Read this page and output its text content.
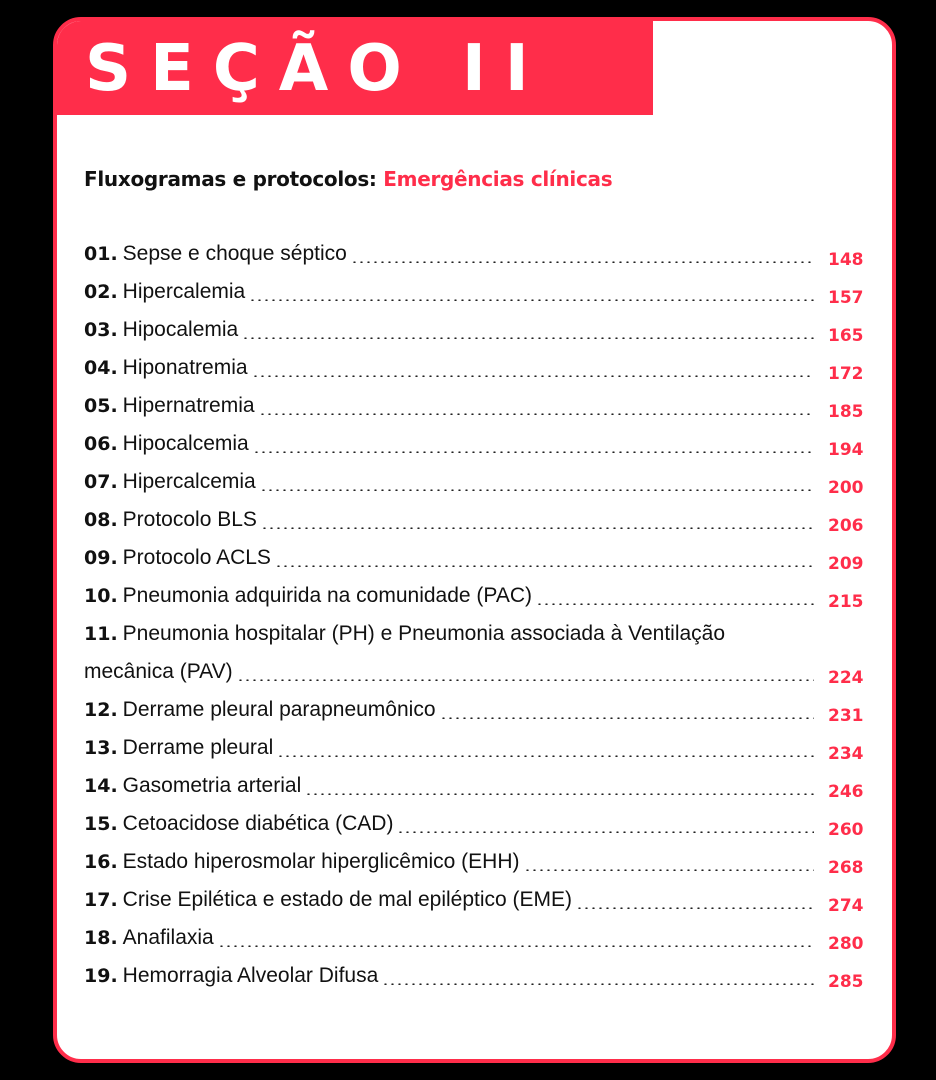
SEÇÃO II
Fluxogramas e protocolos: Emergências clínicas
01. Sepse e choque séptico	148
02. Hipercalemia	157
03. Hipocalemia	165
04. Hiponatremia	172
05. Hipernatremia	185
06. Hipocalcemia	194
07. Hipercalcemia	200
08. Protocolo BLS	206
09. Protocolo ACLS	209
10. Pneumonia adquirida na comunidade (PAC)	215
11. Pneumonia hospitalar (PH) e Pneumonia associada à Ventilação
mecânica (PAV)	224
12. Derrame pleural parapneumônico	231
13. Derrame pleural	234
14. Gasometria arterial	246
15. Cetoacidose diabética (CAD)	260
16. Estado hiperosmolar hiperglicêmico (EHH)	268
17. Crise Epilética e estado de mal epiléptico (EME)	274
18. Anafilaxia	280
19. Hemorragia Alveolar Difusa	285
